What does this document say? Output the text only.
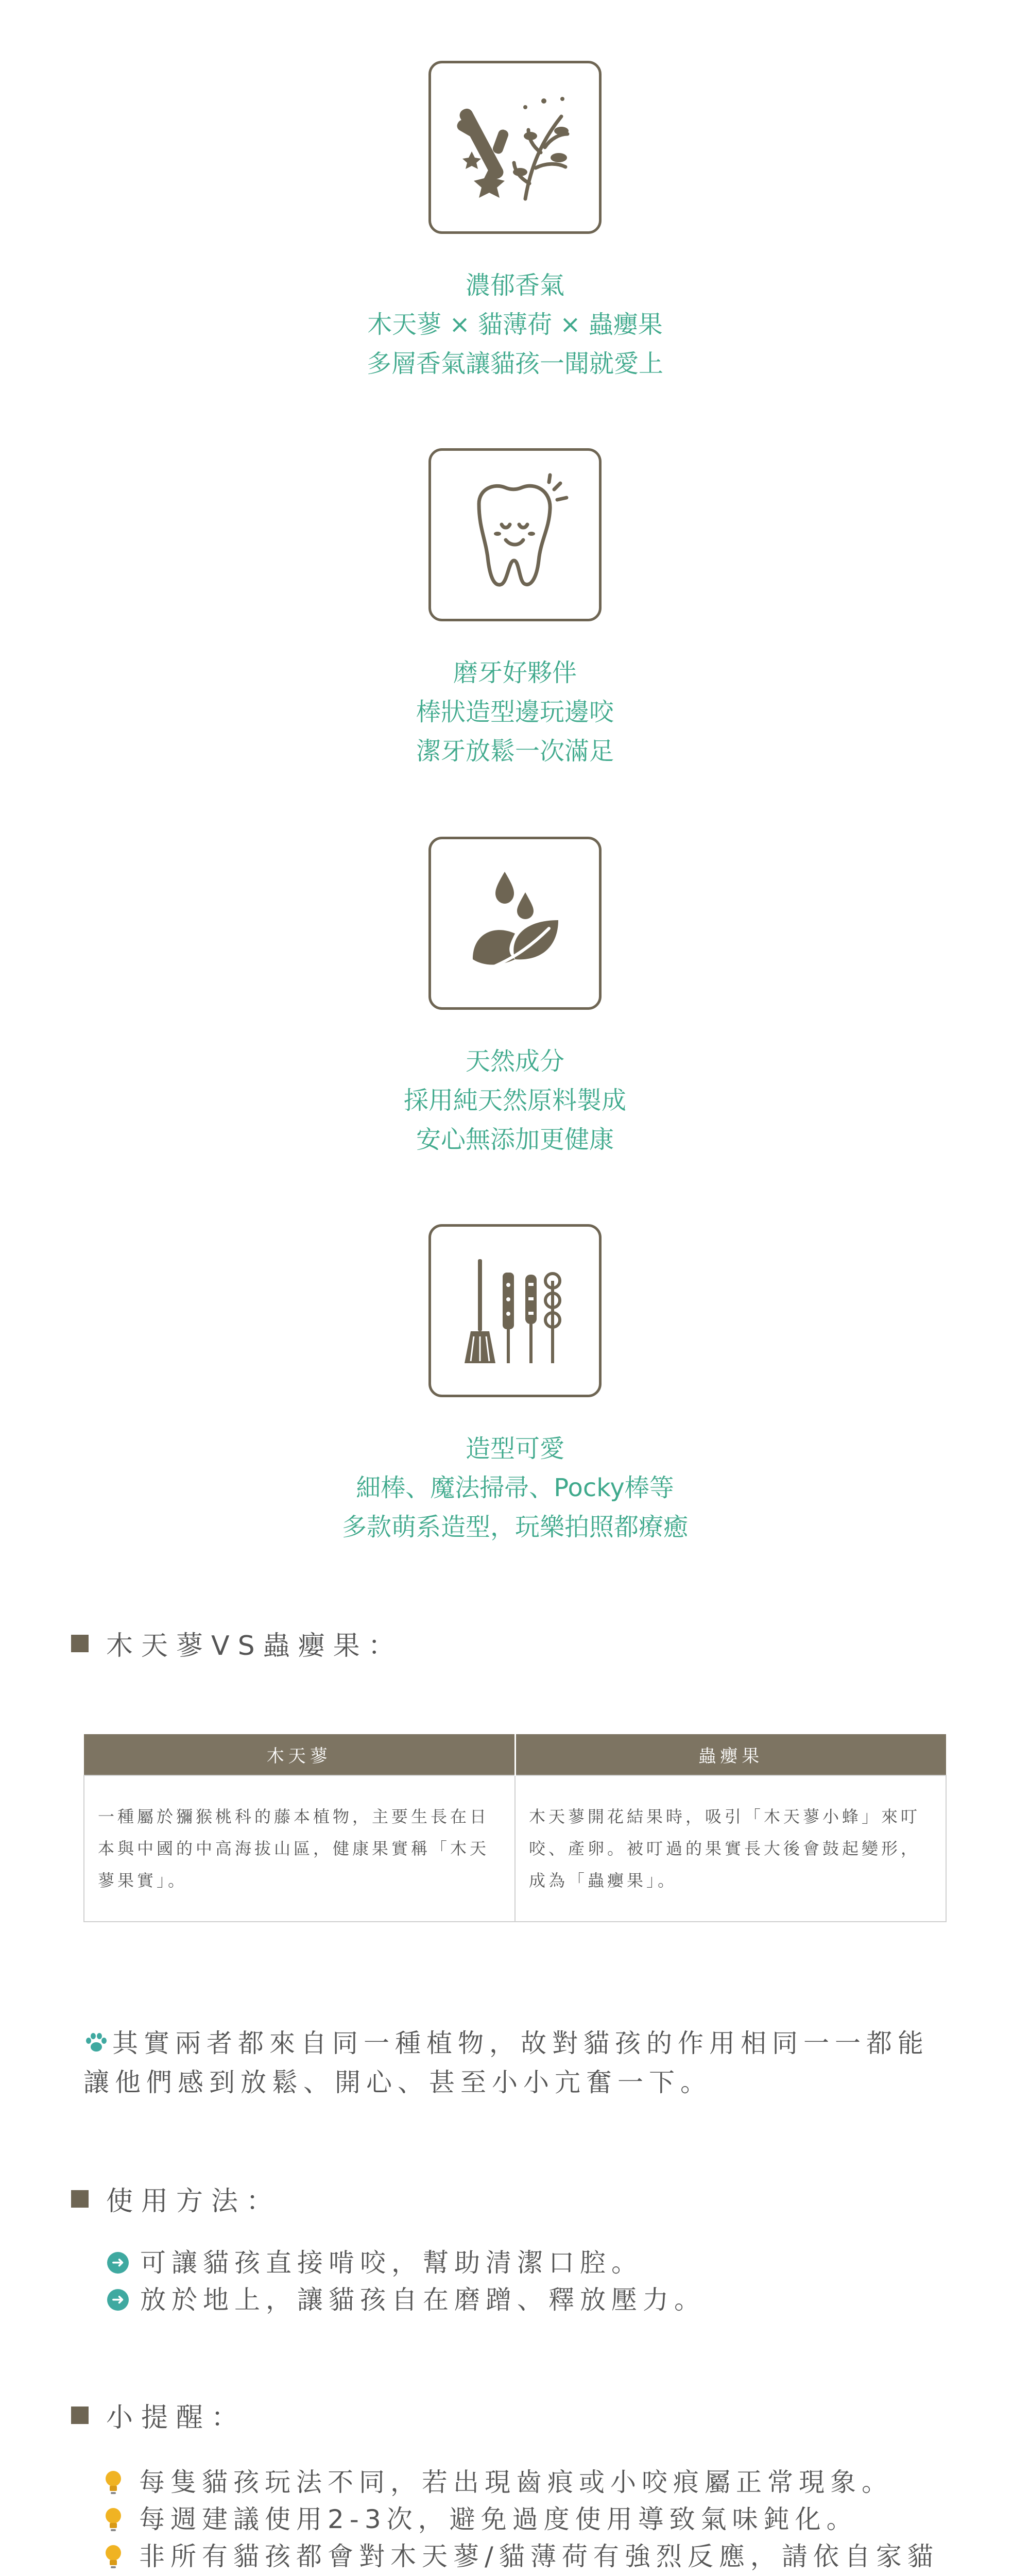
濃郁香氣
木天蓼 × 貓薄荷 × 蟲癭果
多層香氣讓貓孩一聞就愛上
磨牙好夥伴
棒狀造型邊玩邊咬
潔牙放鬆一次滿足
天然成分
採用純天然原料製成
安心無添加更健康
造型可愛
細棒、魔法掃帚、Pocky棒等
多款萌系造型，玩樂拍照都療癒
木天蓼VS蟲癭果：
木天蓼	蟲癭果
一種屬於獼猴桃科的藤本植物，主要生長在日本與中國的中高海拔山區，健康果實稱「木天蓼果實」。	木天蓼開花結果時，吸引「木天蓼小蜂」來叮咬、產卵。被叮過的果實長大後會鼓起變形，成為「蟲癭果」。
其實兩者都來自同一種植物，故對貓孩的作用相同一一都能讓他們感到放鬆、開心、甚至小小亢奮一下。
使用方法：
➜ 可讓貓孩直接啃咬，幫助清潔口腔。
➜ 放於地上，讓貓孩自在磨蹭、釋放壓力。
小提醒：
每隻貓孩玩法不同，若出現齒痕或小咬痕屬正常現象。
每週建議使用2-3次，避免過度使用導致氣味鈍化。
非所有貓孩都會對木天蓼/貓薄荷有強烈反應，請依自家貓
